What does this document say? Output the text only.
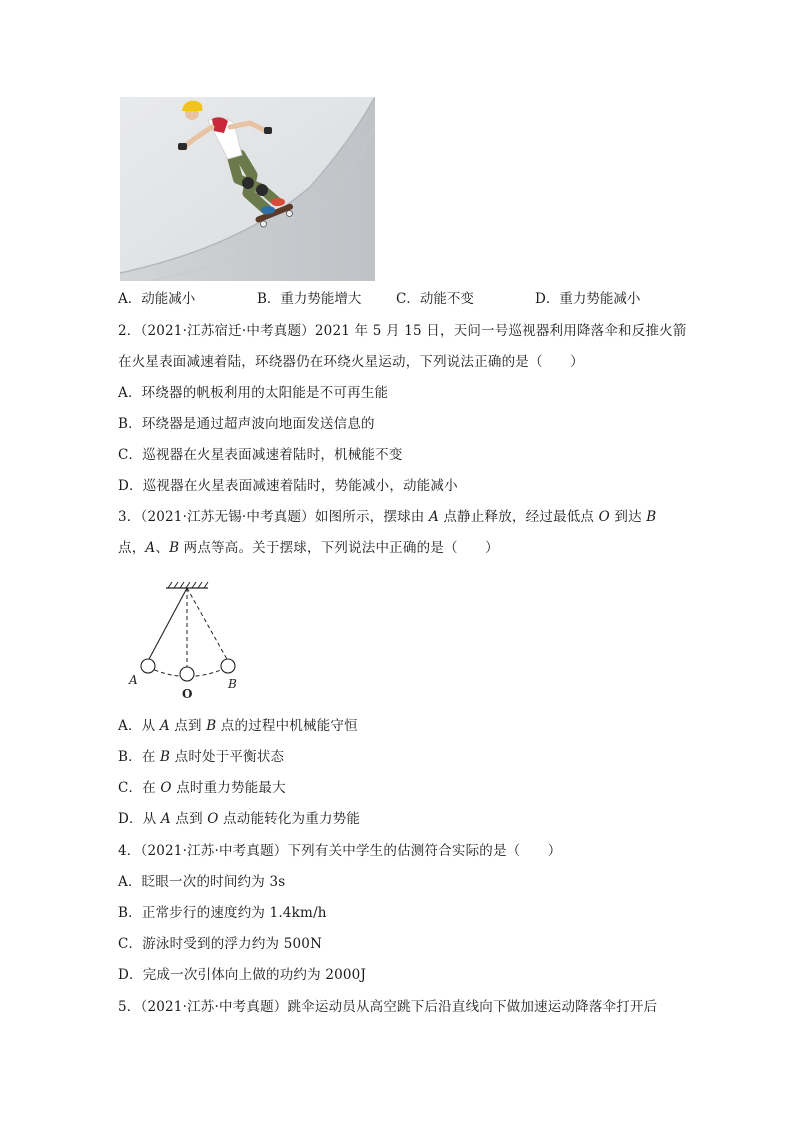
A．动能减小	B．重力势能增大	C．动能不变	D．重力势能减小
2．（2021·江苏宿迁·中考真题）2021 年 5 月 15 日，天问一号巡视器利用降落伞和反推火箭
在火星表面减速着陆，环绕器仍在环绕火星运动，下列说法正确的是（　　）
A．环绕器的帆板利用的太阳能是不可再生能
B．环绕器是通过超声波向地面发送信息的
C．巡视器在火星表面减速着陆时，机械能不变
D．巡视器在火星表面减速着陆时，势能减小，动能减小
3．（2021·江苏无锡·中考真题）如图所示，摆球由 A 点静止释放，经过最低点 O 到达 B
点，A、B 两点等高。关于摆球，下列说法中正确的是（　　）
A
O
B
A．从 A 点到 B 点的过程中机械能守恒
B．在 B 点时处于平衡状态
C．在 O 点时重力势能最大
D．从 A 点到 O 点动能转化为重力势能
4．（2021·江苏·中考真题）下列有关中学生的估测符合实际的是（　　）
A．眨眼一次的时间约为 3s
B．正常步行的速度约为 1.4km/h
C．游泳时受到的浮力约为 500N
D．完成一次引体向上做的功约为 2000J
5．（2021·江苏·中考真题）跳伞运动员从高空跳下后沿直线向下做加速运动降落伞打开后
